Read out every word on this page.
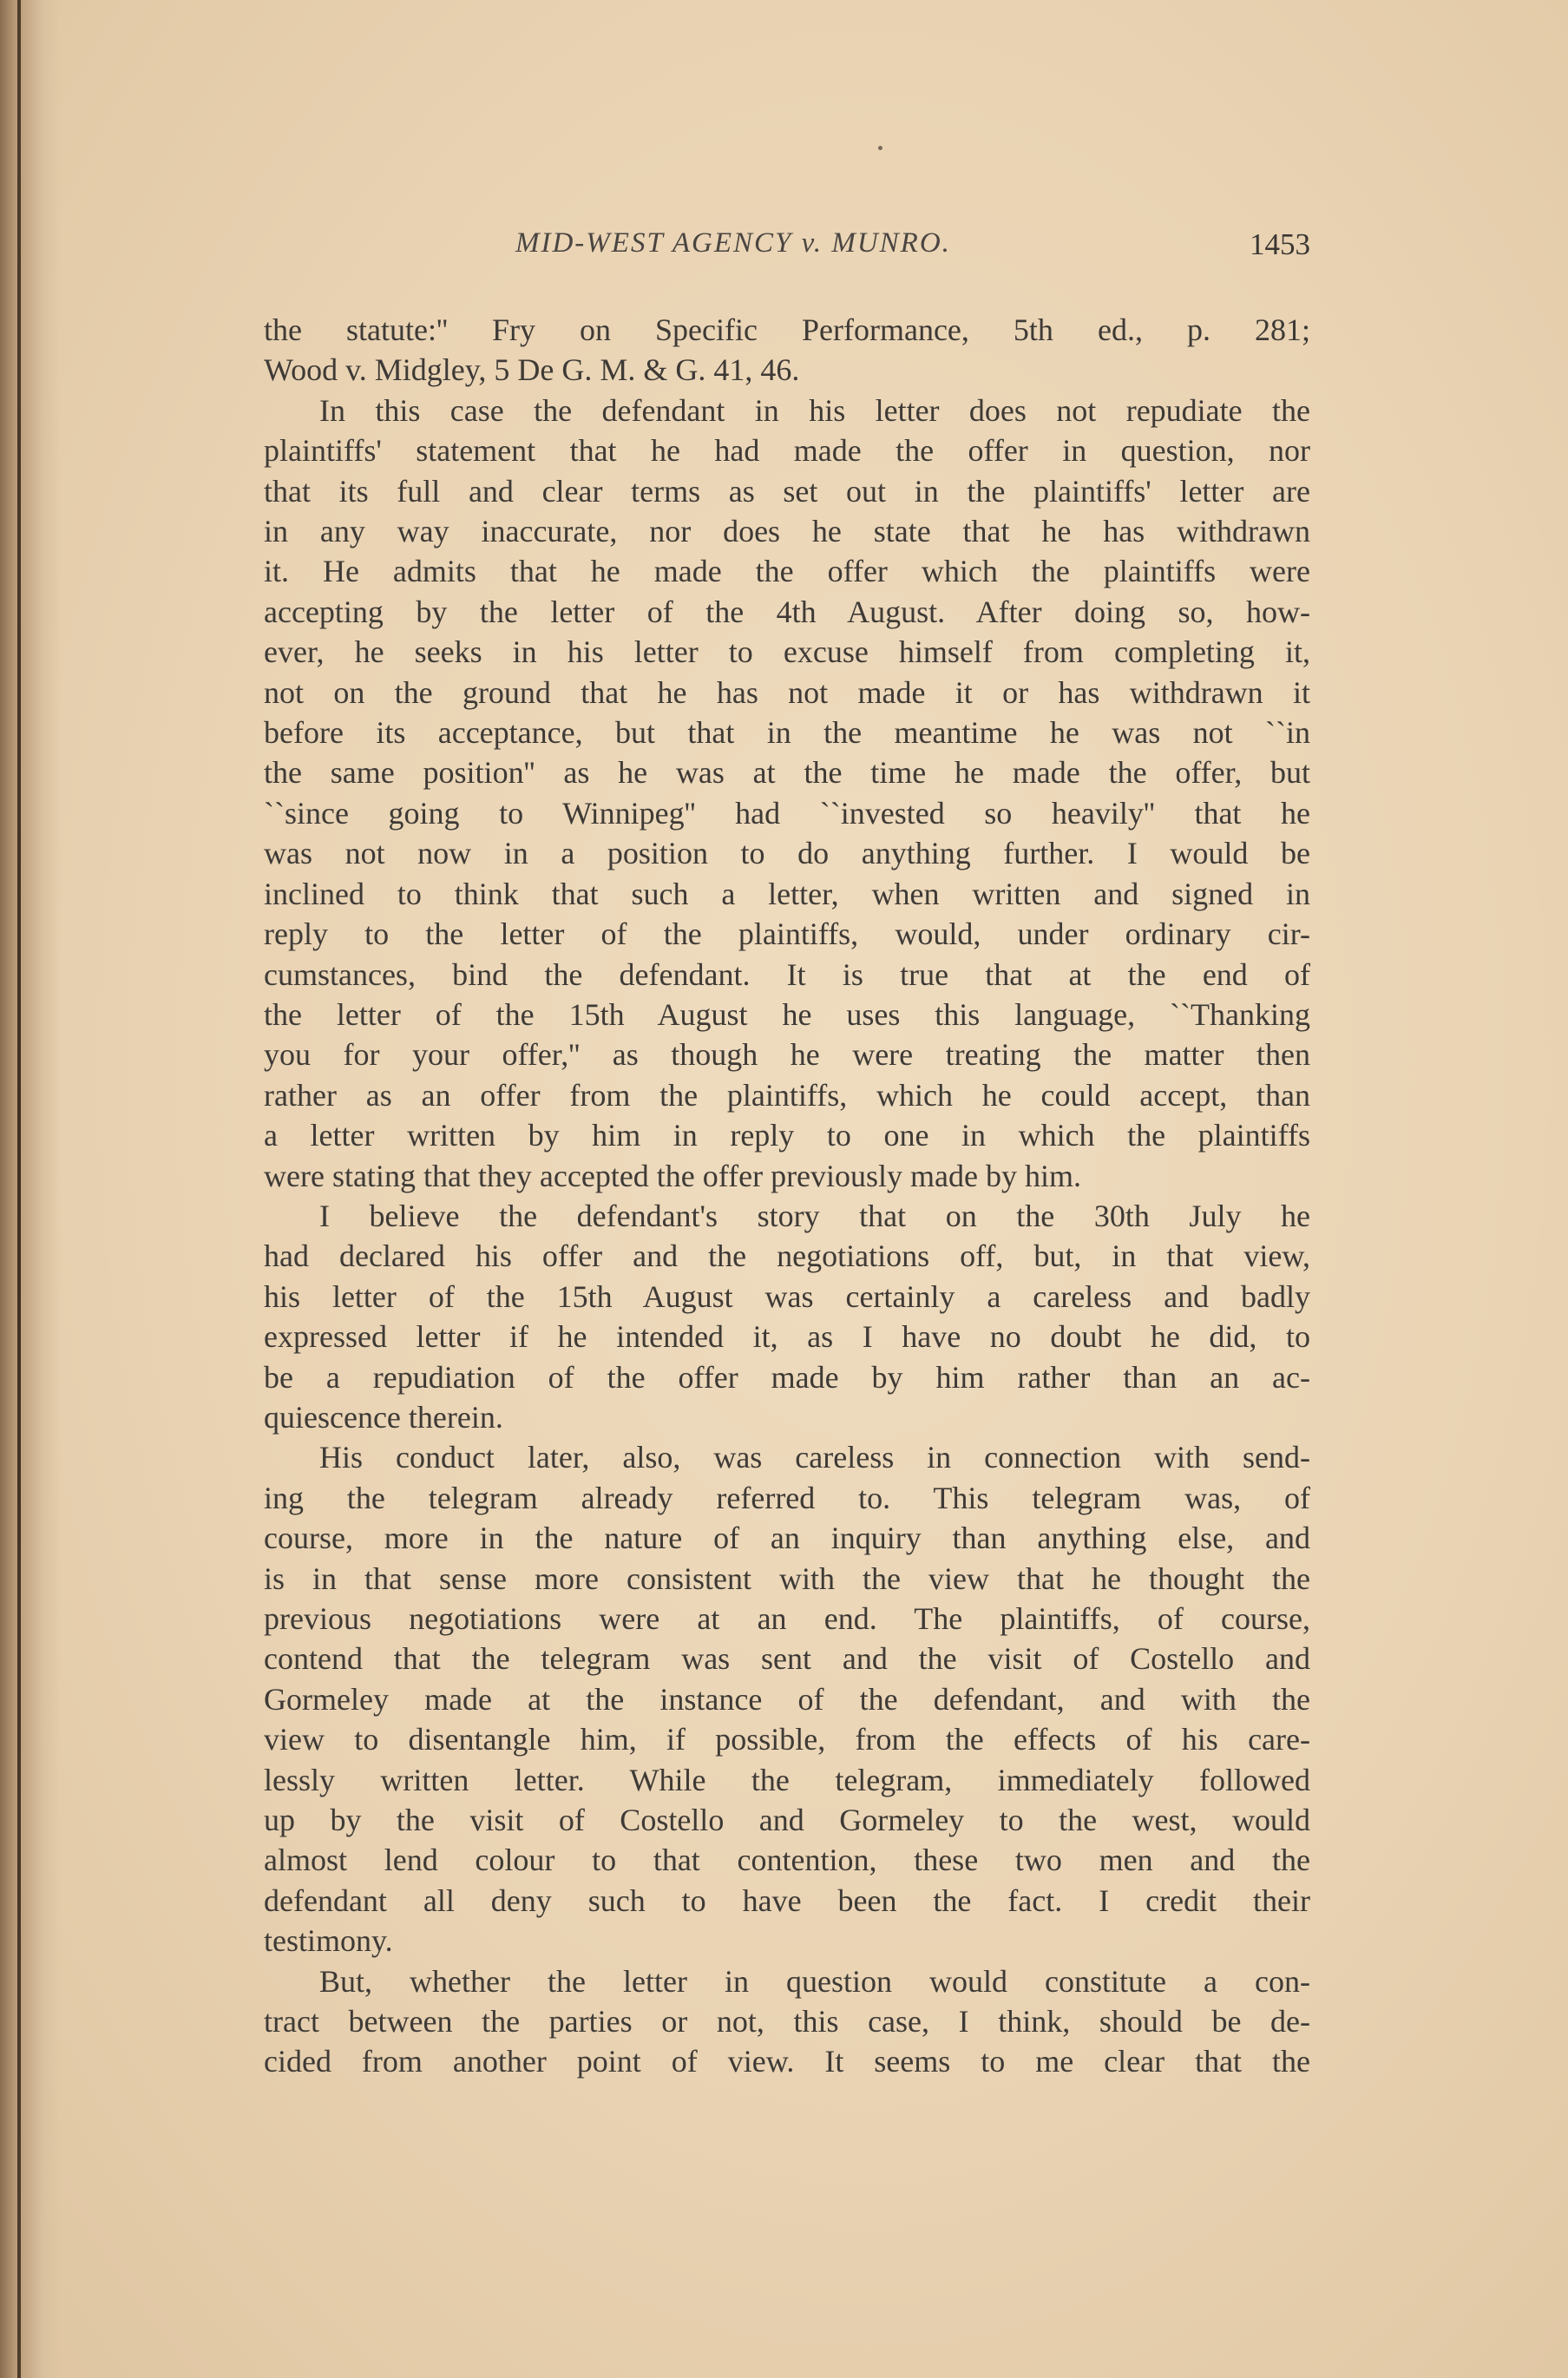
MID-WEST AGENCY v. MUNRO.	1453
the statute:'' Fry on Specific Performance, 5th ed., p. 281;
Wood v. Midgley, 5 De G. M. & G. 41, 46.
In this case the defendant in his letter does not repudiate the
plaintiffs' statement that he had made the offer in question, nor
that its full and clear terms as set out in the plaintiffs' letter are
in any way inaccurate, nor does he state that he has withdrawn
it. He admits that he made the offer which the plaintiffs were
accepting by the letter of the 4th August. After doing so, how-
ever, he seeks in his letter to excuse himself from completing it,
not on the ground that he has not made it or has withdrawn it
before its acceptance, but that in the meantime he was not ``in
the same position'' as he was at the time he made the offer, but
``since going to Winnipeg'' had ``invested so heavily'' that he
was not now in a position to do anything further. I would be
inclined to think that such a letter, when written and signed in
reply to the letter of the plaintiffs, would, under ordinary cir-
cumstances, bind the defendant. It is true that at the end of
the letter of the 15th August he uses this language, ``Thanking
you for your offer,'' as though he were treating the matter then
rather as an offer from the plaintiffs, which he could accept, than
a letter written by him in reply to one in which the plaintiffs
were stating that they accepted the offer previously made by him.
I believe the defendant's story that on the 30th July he
had declared his offer and the negotiations off, but, in that view,
his letter of the 15th August was certainly a careless and badly
expressed letter if he intended it, as I have no doubt he did, to
be a repudiation of the offer made by him rather than an ac-
quiescence therein.
His conduct later, also, was careless in connection with send-
ing the telegram already referred to. This telegram was, of
course, more in the nature of an inquiry than anything else, and
is in that sense more consistent with the view that he thought the
previous negotiations were at an end. The plaintiffs, of course,
contend that the telegram was sent and the visit of Costello and
Gormeley made at the instance of the defendant, and with the
view to disentangle him, if possible, from the effects of his care-
lessly written letter. While the telegram, immediately followed
up by the visit of Costello and Gormeley to the west, would
almost lend colour to that contention, these two men and the
defendant all deny such to have been the fact. I credit their
testimony.
But, whether the letter in question would constitute a con-
tract between the parties or not, this case, I think, should be de-
cided from another point of view. It seems to me clear that the
